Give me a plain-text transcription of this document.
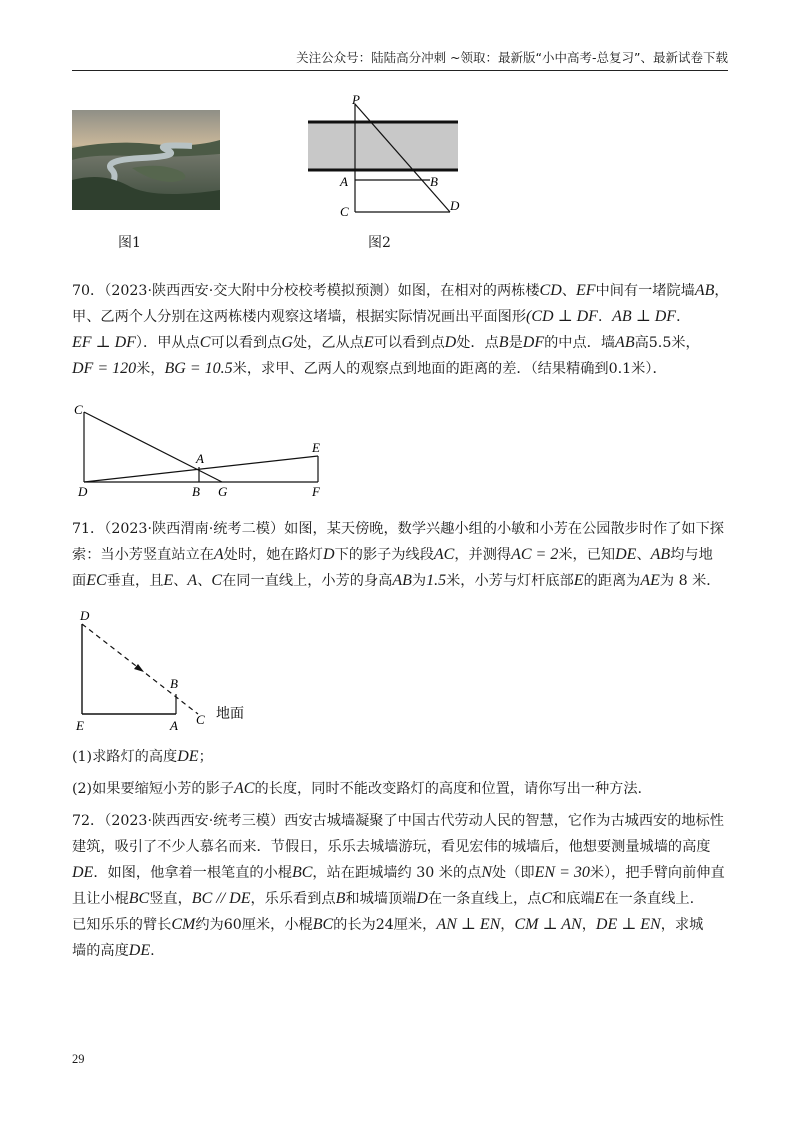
关注公众号：陆陆高分冲刺 ~领取：最新版“小中高考-总复习”、最新试卷下载
图1
P
A	B
C	D
图2

70．（2023·陕西西安·交大附中分校校考模拟预测）如图，在相对的两栋楼CD、EF中间有一堵院墙AB，

甲、乙两个人分别在这两栋楼内观察这堵墙，根据实际情况画出平面图形(CD ⊥ DF．AB ⊥ DF．

EF ⊥ DF）．甲从点C可以看到点G处，乙从点E可以看到点D处．点B是DF的中点．墙AB高5.5米，

DF = 120米，BG = 10.5米，求甲、乙两人的观察点到地面的距离的差．（结果精确到0.1米）．

C
A
E
D	B G	F

71．（2023·陕西渭南·统考二模）如图，某天傍晚，数学兴趣小组的小敏和小芳在公园散步时作了如下探

索：当小芳竖直站立在A处时，她在路灯D下的影子为线段AC，并测得AC = 2米，已知DE、AB均与地

面EC垂直，且E、A、C在同一直线上，小芳的身高AB为1.5米，小芳与灯杆底部E的距离为AE为 8 米．

D
B
E	A C 地面
(1)求路灯的高度DE；
(2)如果要缩短小芳的影子AC的长度，同时不能改变路灯的高度和位置，请你写出一种方法.

72．（2023·陕西西安·统考三模）西安古城墙凝聚了中国古代劳动人民的智慧，它作为古城西安的地标性

建筑，吸引了不少人慕名而来．节假日，乐乐去城墙游玩，看见宏伟的城墙后，他想要测量城墙的高度

DE．如图，他拿着一根笔直的小棍BC，站在距城墙约 30 米的点N处（即EN = 30米），把手臂向前伸直

且让小棍BC竖直，BC // DE，乐乐看到点B和城墙顶端D在一条直线上，点C和底端E在一条直线上.

已知乐乐的臂长CM约为60厘米，小棍BC的长为24厘米，AN ⊥ EN，CM ⊥ AN，DE ⊥ EN，求城

墙的高度DE.

29
